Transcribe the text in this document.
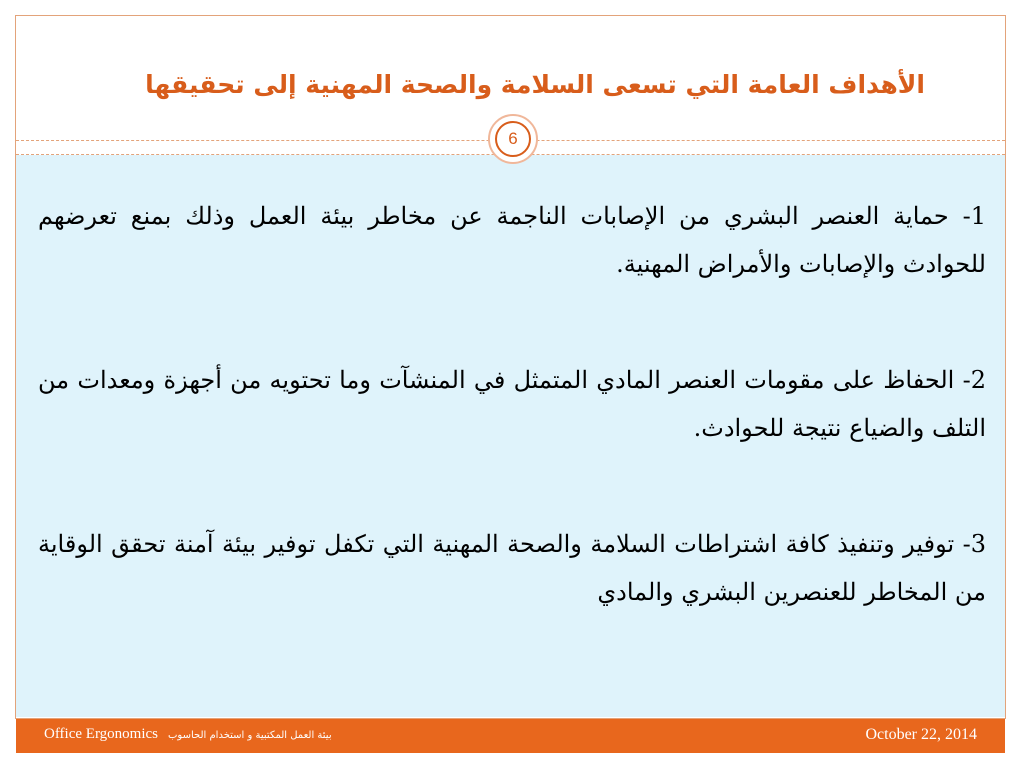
الأهداف العامة التي تسعى السلامة والصحة المهنية إلى تحقيقها
6

1- حماية العنصر البشري من الإصابات الناجمة عن مخاطر بيئة العمل وذلك بمنع تعرضهم للحوادث والإصابات والأمراض المهنية.

2- الحفاظ على مقومات العنصر المادي المتمثل في المنشآت وما تحتويه من أجهزة ومعدات من التلف والضياع نتيجة للحوادث.

3- توفير وتنفيذ كافة اشتراطات السلامة والصحة المهنية التي تكفل توفير بيئة آمنة تحقق الوقاية من المخاطر للعنصرين البشري والمادي

Office Ergonomics بيئة العمل المكتبية و استخدام الحاسوب	October 22, 2014
